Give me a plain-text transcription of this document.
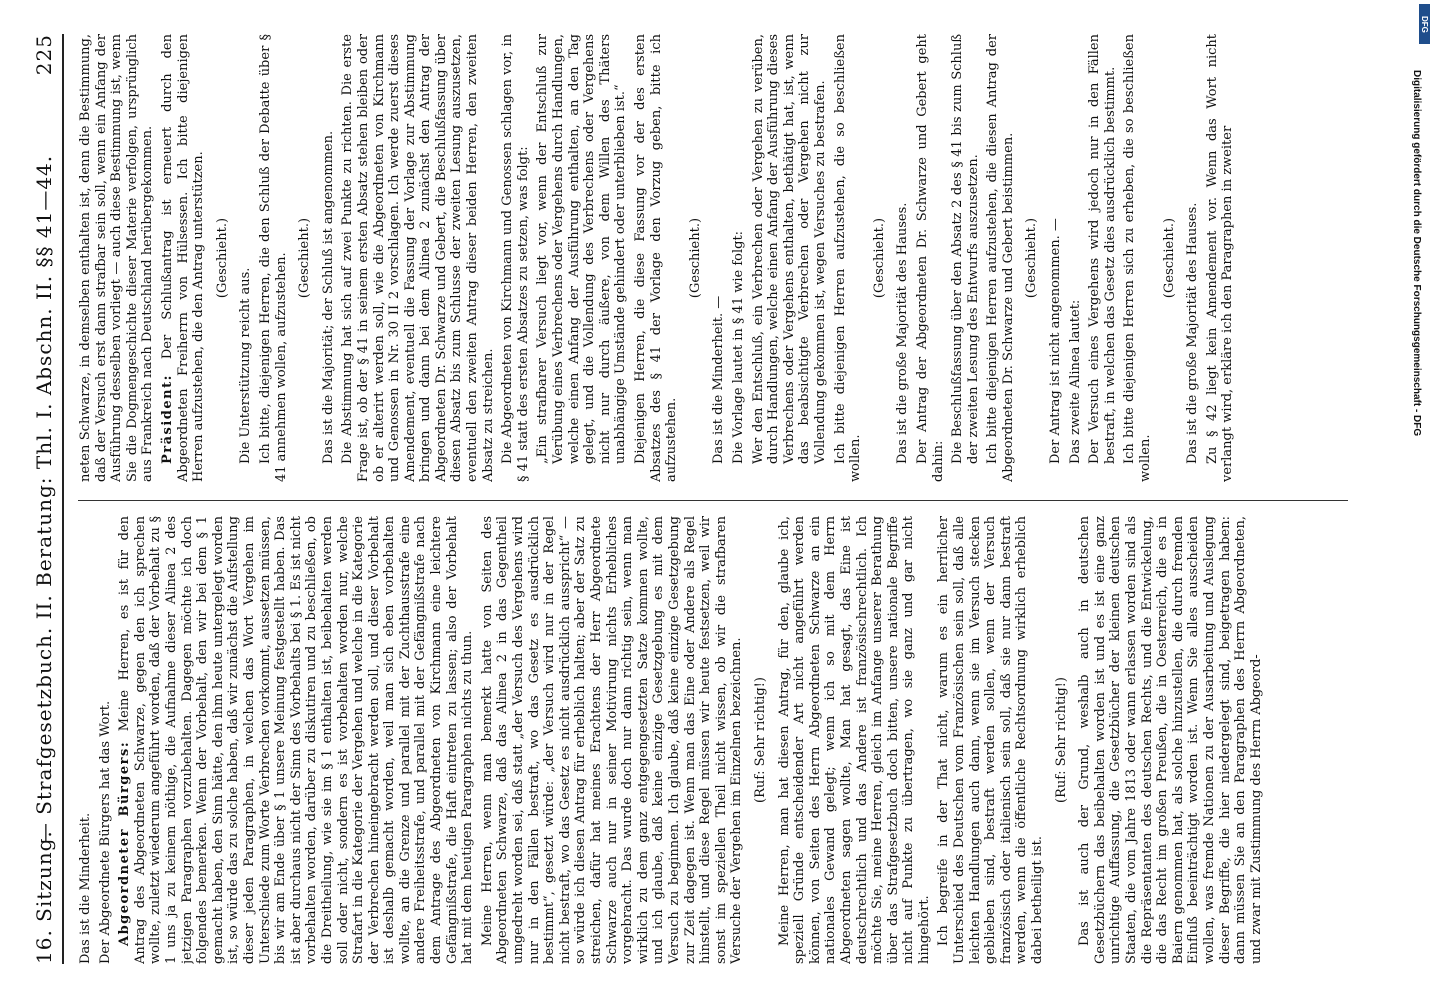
16. Sitzung.
— Strafgesetzbuch. II. Beratung: Thl. I. Abschn. II. §§ 41—44.
225

Das ist die Minderheit. Der Abgeordnete Bürgers hat das Wort. Abgeordneter Bürgers: Meine Herren, es ist für den Antrag des Abgeordneten Schwarze, gegen den ich sprechen wollte, zuletzt wiederum angeführt worden, daß der Vorbehalt zu § 1 uns ja zu keinem nöthige, die Aufnahme dieser Alinea 2 des jetzigen Paragraphen vorzubehalten. Dagegen möchte ich doch folgendes bemerken. Wenn der Vorbehalt, den wir bei dem § 1 gemacht haben, den Sinn hätte, den ihm heute untergelegt worden ist, so würde das zu solche haben, daß wir zunächst die Aufstellung dieser jeden Paragraphen, in welchen das Wort Vergehen im Unterschiede zum Worte Verbrechen vorkommt, aussetzen müssen, bis wir am Ende über § 1 unsere Meinung festgestellt haben. Das ist aber durchaus nicht der Sinn des Vorbehalts bei § 1. Es ist nicht vorbehalten worden, darüber zu diskutiren und zu beschließen, ob die Dreitheilung, wie sie im § 1 enthalten ist, beibehalten werden soll oder nicht, sondern es ist vorbehalten worden nur, welche Strafart in die Kategorie der Vergehen und welche in die Kategorie der Verbrechen hineingebracht werden soll, und dieser Vorbehalt ist deshalb gemacht worden, weil man sich eben vorbehalten wollte, an die Grenze und parallel mit der Zuchthausstrafe eine andere Freiheitsstrafe, und parallel mit der Gefängnißstrafe nach dem Antrage des Abgeordneten von Kirchmann eine leichtere Gefängnißstrafe, die Haft eintreten zu lassen; also der Vorbehalt hat mit dem heutigen Paragraphen nichts zu thun. Meine Herren, wenn man bemerkt hatte von Seiten des Abgeordneten Schwarze, daß das Alinea 2 in das Gegentheil umgedreht worden sei, daß statt „der Versuch des Vergehens wird nur in den Fällen bestraft, wo das Gesetz es ausdrücklich bestimmt“, gesetzt würde: „der Versuch wird nur in der Regel nicht bestraft, wo das Gesetz es nicht ausdrücklich ausspricht“ — so würde ich diesen Antrag für erheblich halten; aber der Satz zu streichen, dafür hat meines Erachtens der Herr Abgeordnete Schwarze auch nur in seiner Motivirung nichts Erhebliches vorgebracht. Das wurde doch nur dann richtig sein, wenn man wirklich zu dem ganz entgegengesetzten Satze kommen wollte, und ich glaube, daß keine einzige Gesetzgebung es mit dem Versuch zu beginnen. Ich glaube, daß keine einzige Gesetzgebung zur Zeit dagegen ist. Wenn man das Eine oder Andere als Regel hinstellt, und diese Regel müssen wir heute festsetzen, weil wir sonst im speziellen Theil nicht wissen, ob wir die strafbaren Versuche der Vergehen im Einzelnen bezeichnen. (Ruf: Sehr richtig!) Meine Herren, man hat diesen Antrag, für den, glaube ich, speziell Gründe entscheidender Art nicht angeführt werden können, von Seiten des Herrn Abgeordneten Schwarze an ein nationales Gewand gelegt; wenn ich so mit dem Herrn Abgeordneten sagen wollte, Man hat gesagt, das Eine ist deutschrechtlich und das Andere ist französischrechtlich. Ich möchte Sie, meine Herren, gleich im Anfange unserer Berathung über das Strafgesetzbuch doch bitten, unsere nationale Begriffe nicht auf Punkte zu übertragen, wo sie ganz und gar nicht hingehört. Ich begreife in der That nicht, warum es ein herrlicher Unterschied des Deutschen vom Französischen sein soll, daß alle leichten Handlungen auch dann, wenn sie im Versuch stecken geblieben sind, bestraft werden sollen, wenn der Versuch französisch oder italienisch sein soll, daß sie nur dann bestraft werden, wenn die öffentliche Rechtsordnung wirklich erheblich dabei betheiligt ist.

(Ruf: Sehr richtig!) Das ist auch der Grund, weshalb auch in deutschen Gesetzbüchern das beibehalten worden ist und es ist eine ganz unrichtige Auffassung, die Gesetzbücher der kleinen deutschen Staaten, die vom Jahre 1813 oder wann erlassen worden sind als die Repräsentanten des deutschen Rechts, und die Entwickelung, die das Recht im großen Preußen, die in Oesterreich, die es in Baiern genommen hat, als solche hinzustellen, die durch fremden Einfluß beeinträchtigt worden ist. Wenn Sie alles ausscheiden wollen, was fremde Nationen zu der Ausarbeitung und Auslegung dieser Begriffe, die hier niedergelegt sind, beigetragen haben: dann müssen Sie an den Paragraphen des Herrn Abgeordneten, und zwar mit Zustimmung des Herrn Abgeord-

neten Schwarze, in demselben enthalten ist, denn die Bestimmung, daß der Versuch erst dann strafbar sein soll, wenn ein Anfang der Ausführung desselben vorliegt — auch diese Bestimmung ist, wenn Sie die Dogmengeschichte dieser Materie verfolgen, ursprünglich aus Frankreich nach Deutschland herübergekommen. Präsident: Der Schlußantrag ist erneuert durch den Abgeordneten Freiherrn von Hülsessen. Ich bitte diejenigen Herren aufzustehen, die den Antrag unterstützen. (Geschieht.)

Die Unterstützung reicht aus. Ich bitte, diejenigen Herren, die den Schluß der Debatte über § 41 annehmen wollen, aufzustehen. (Geschieht.) Das ist die Majorität; der Schluß ist angenommen. Die Abstimmung hat sich auf zwei Punkte zu richten. Die erste Frage ist, ob der § 41 in seinem ersten Absatz stehen bleiben oder ob er alterirt werden soll, wie die Abgeordneten von Kirchmann und Genossen in Nr. 30 II 2 vorschlagen. Ich werde zuerst dieses Amendement, eventuell die Fassung der Vorlage zur Abstimmung bringen und dann bei dem Alinea 2 zunächst den Antrag der Abgeordneten Dr. Schwarze und Gebert, die Beschlußfassung über diesen Absatz bis zum Schlusse der zweiten Lesung auszusetzen, eventuell den zweiten Antrag dieser beiden Herren, den zweiten Absatz zu streichen. Die Abgeordneten von Kirchmann und Genossen schlagen vor, in § 41 statt des ersten Absatzes zu setzen, was folgt: „Ein strafbarer Versuch liegt vor, wenn der Entschluß zur Verübung eines Verbrechens oder Vergehens durch Handlungen, welche einen Anfang der Ausführung enthalten, an den Tag gelegt, und die Vollendung des Verbrechens oder Vergehens nicht nur durch äußere, von dem Willen des Thäters unabhängige Umstände gehindert oder unterblieben ist.“ Diejenigen Herren, die diese Fassung vor der des ersten Absatzes des § 41 der Vorlage den Vorzug geben, bitte ich aufzustehen.

(Geschieht.)

Das ist die Minderheit. — Die Vorlage lautet in § 41 wie folgt: Wer den Entschluß, ein Verbrechen oder Vergehen zu verüben, durch Handlungen, welche einen Anfang der Ausführung dieses Verbrechens oder Vergehens enthalten, bethätigt hat, ist, wenn das beabsichtigte Verbrechen oder Vergehen nicht zur Vollendung gekommen ist, wegen Versuches zu bestrafen. Ich bitte diejenigen Herren aufzustehen, die so beschließen wollen.

(Geschieht.) Das ist die große Majorität des Hauses. Der Antrag der Abgeordneten Dr. Schwarze und Gebert geht dahin: Die Beschlußfassung über den Absatz 2 des § 41 bis zum Schluß der zweiten Lesung des Entwurfs auszusetzen. Ich bitte diejenigen Herren aufzustehen, die diesen Antrag der Abgeordneten Dr. Schwarze und Gebert beistimmen. (Geschieht.) Der Antrag ist nicht angenommen. — Das zweite Alinea lautet: Der Versuch eines Vergehens wird jedoch nur in den Fällen bestraft, in welchen das Gesetz dies ausdrücklich bestimmt. Ich bitte diejenigen Herren sich zu erheben, die so beschließen wollen.

(Geschieht.) Das ist die große Majorität des Hauses. Zu § 42 liegt kein Amendement vor. Wenn das Wort nicht verlangt wird, erkläre ich den Paragraphen in zweiter	Digitalisierung gefördert durch die Deutsche Forschungsgemeinschaft - DFG
DFG
